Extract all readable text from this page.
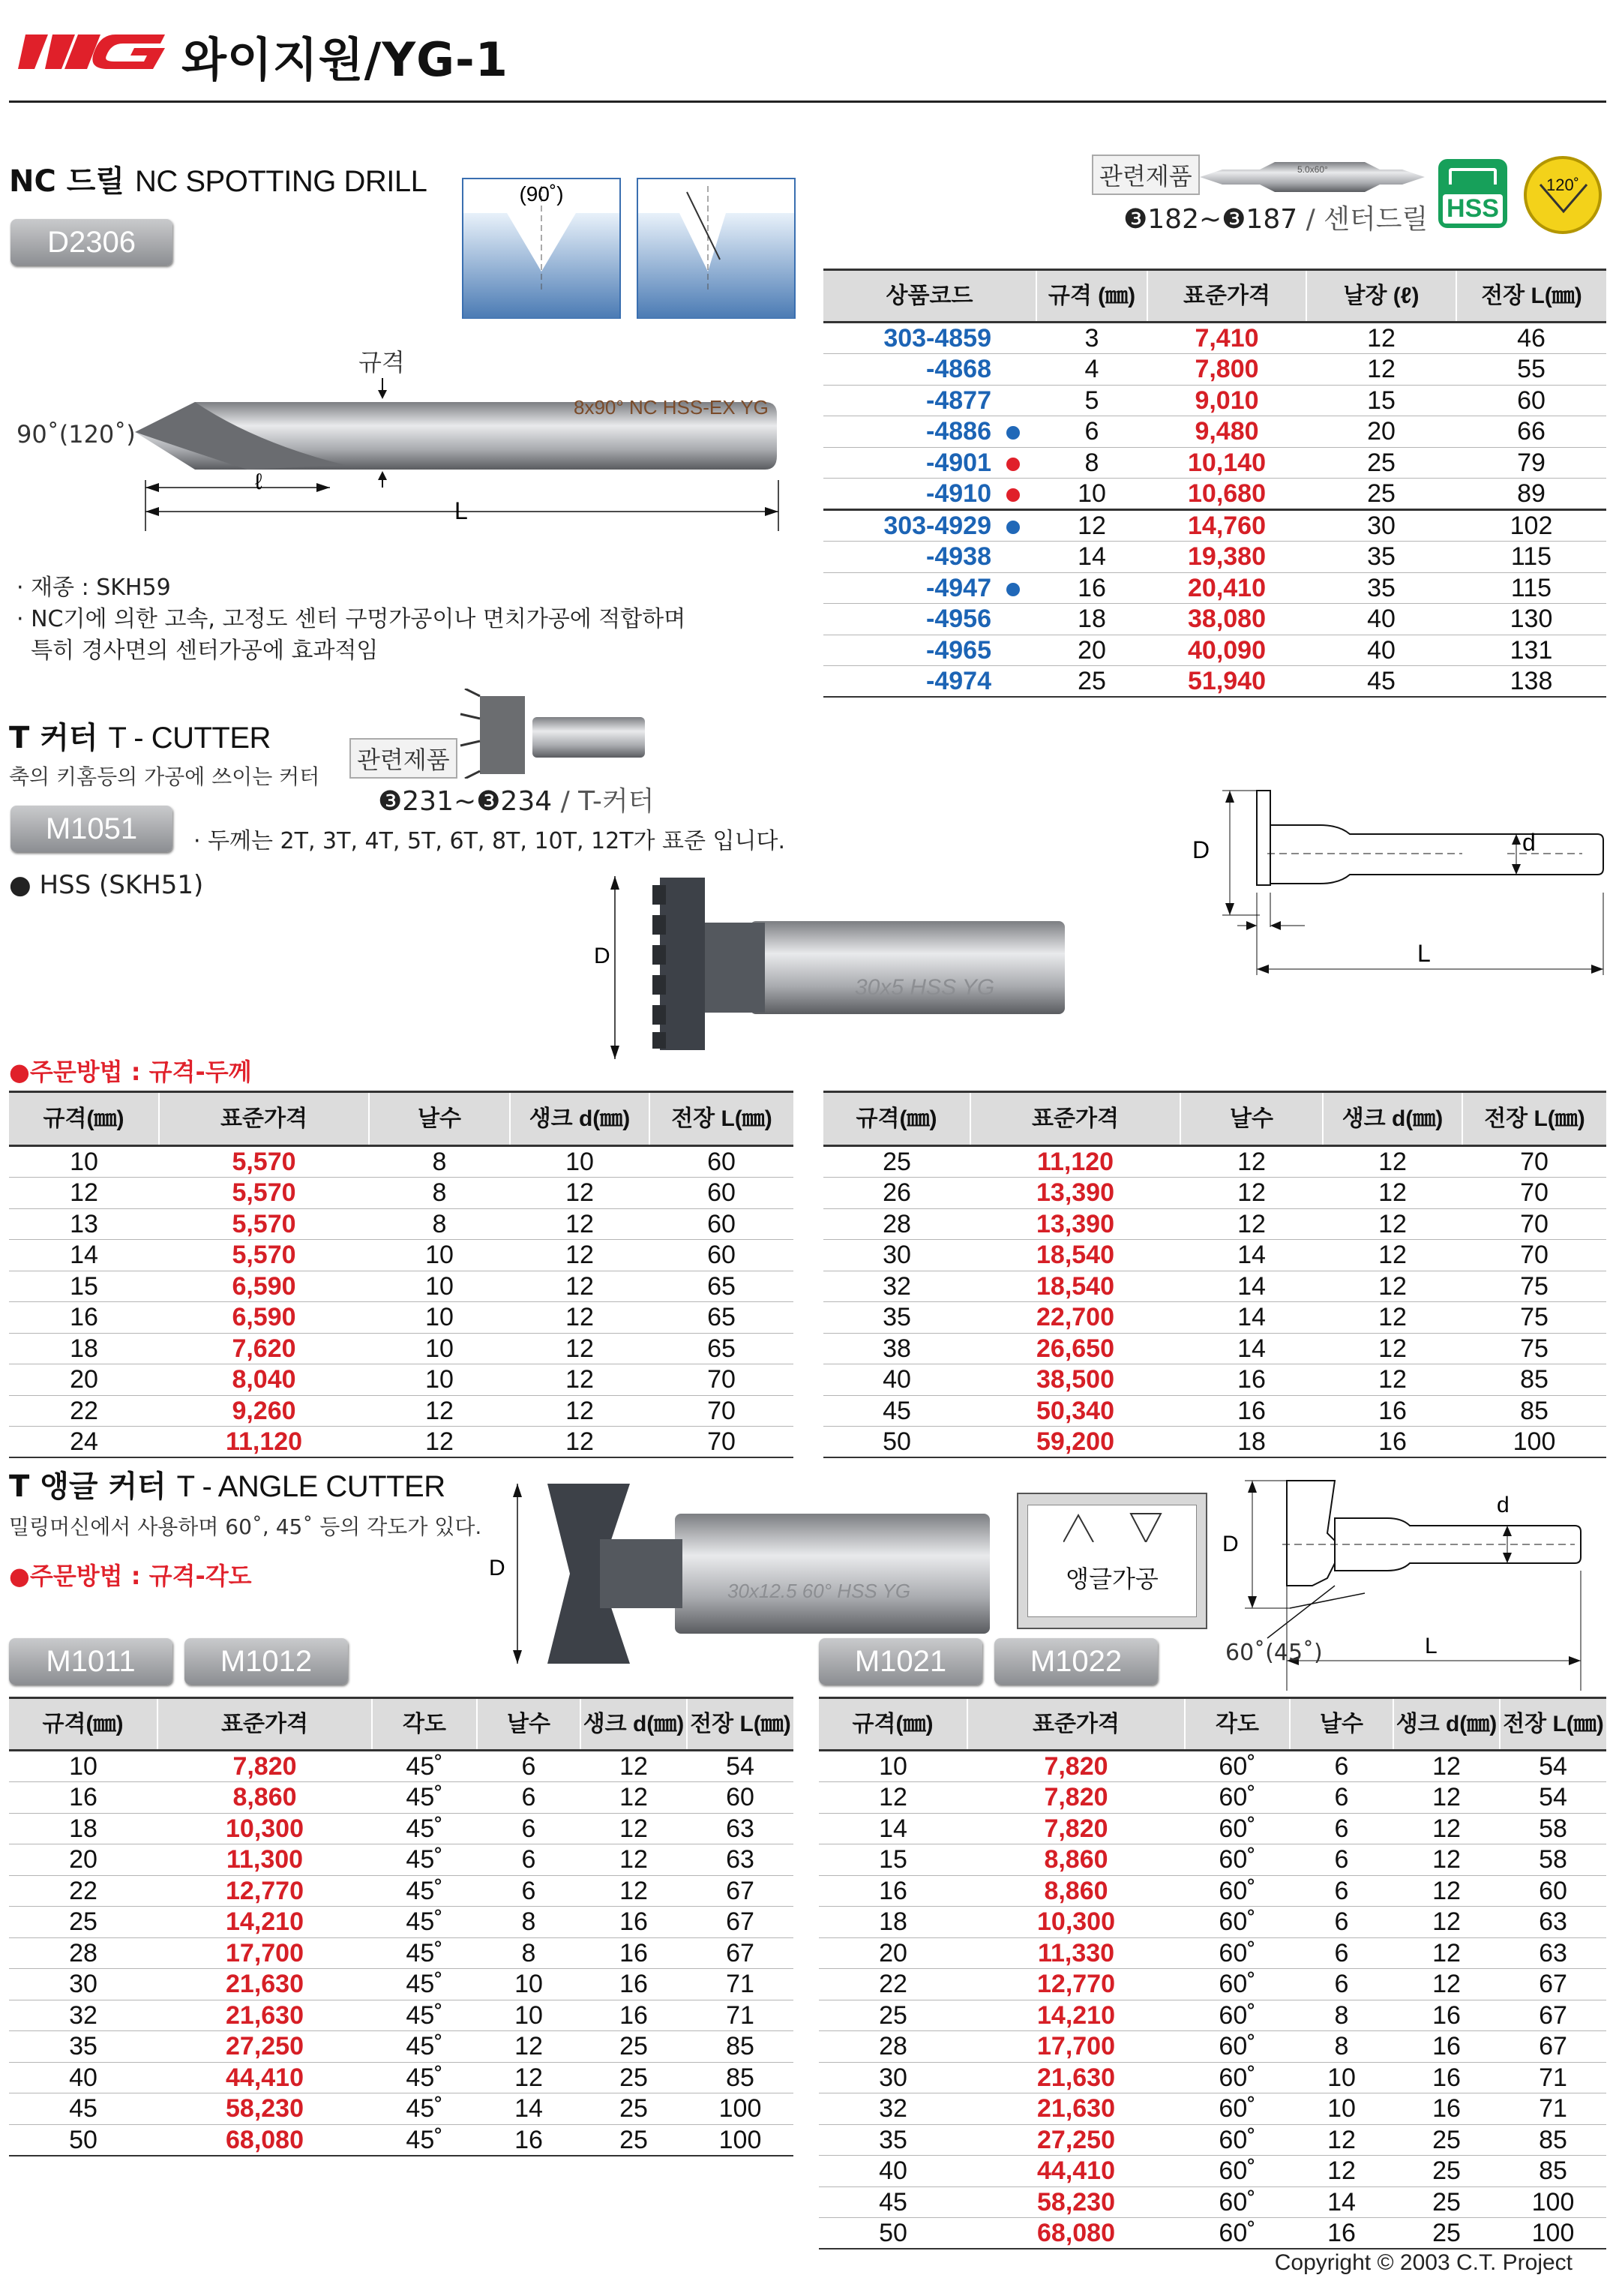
와이지원/YG-1
NC 드릴 NC SPOTTING DRILL
D2306
(90˚)
규격
8x90° NC HSS-EX YG
ℓ
L
90˚(120˚)
· 재종 : SKH59
· NC기에 의한 고속, 고정도 센터 구멍가공이나 면치가공에 적합하며
특히 경사면의 센터가공에 효과적임
관련제품	5.0x60°
❸182~❸187 / 센터드릴 HSS
120˚
상품코드	규격 (㎜)	표준가격	날장 (ℓ)	전장 L(㎜)
303-4859	3	7,410	12	46
-4868	4	7,800	12	55
-4877	5	9,010	15	60
-4886	6	9,480	20	66
-4901	8	10,140	25	79
-4910	10	10,680	25	89
303-4929	12	14,760	30	102
-4938	14	19,380	35	115
-4947	16	20,410	35	115
-4956	18	38,080	40	130
-4965	20	40,090	40	131
-4974	25	51,940	45	138
T 커터 T - CUTTER
축의 키홈등의 가공에 쓰이는 커터
관련제품
❸231~❸234 / T-커터
M1051	· 두께는 2T, 3T, 4T, 5T, 6T, 8T, 10T, 12T가 표준 입니다.
● HSS (SKH51)
D
30x5 HSS YG
D	d
L
●주문방법 : 규격-두께
규격(㎜)	표준가격	날수	생크 d(㎜)	전장 L(㎜)
10	5,570	8	10	60
12	5,570	8	12	60
13	5,570	8	12	60
14	5,570	10	12	60
15	6,590	10	12	65
16	6,590	10	12	65
18	7,620	10	12	65
20	8,040	10	12	70
22	9,260	12	12	70
24	11,120	12	12	70
규격(㎜)	표준가격	날수	생크 d(㎜)	전장 L(㎜)
25	11,120	12	12	70
26	13,390	12	12	70
28	13,390	12	12	70
30	18,540	14	12	70
32	18,540	14	12	75
35	22,700	14	12	75
38	26,650	14	12	75
40	38,500	16	12	85
45	50,340	16	16	85
50	59,200	18	16	100
T 앵글 커터 T - ANGLE CUTTER
밀링머신에서 사용하며 60˚, 45˚ 등의 각도가 있다.
●주문방법 : 규격-각도	D
30x12.5 60° HSS YG	앵글가공
D
d
L
60˚(45˚)
M1011	M1012	M1021	M1022
규격(㎜)	표준가격	각도	날수	생크 d(㎜)	전장 L(㎜)
10	7,820	45˚	6	12	54
16	8,860	45˚	6	12	60
18	10,300	45˚	6	12	63
20	11,300	45˚	6	12	63
22	12,770	45˚	6	12	67
25	14,210	45˚	8	16	67
28	17,700	45˚	8	16	67
30	21,630	45˚	10	16	71
32	21,630	45˚	10	16	71
35	27,250	45˚	12	25	85
40	44,410	45˚	12	25	85
45	58,230	45˚	14	25	100
50	68,080	45˚	16	25	100
규격(㎜)	표준가격	각도	날수	생크 d(㎜)	전장 L(㎜)
10	7,820	60˚	6	12	54
12	7,820	60˚	6	12	54
14	7,820	60˚	6	12	58
15	8,860	60˚	6	12	58
16	8,860	60˚	6	12	60
18	10,300	60˚	6	12	63
20	11,330	60˚	6	12	63
22	12,770	60˚	6	12	67
25	14,210	60˚	8	16	67
28	17,700	60˚	8	16	67
30	21,630	60˚	10	16	71
32	21,630	60˚	10	16	71
35	27,250	60˚	12	25	85
40	44,410	60˚	12	25	85
45	58,230	60˚	14	25	100
50	68,080	60˚	16	25	100
Copyright © 2003 C.T. Project
